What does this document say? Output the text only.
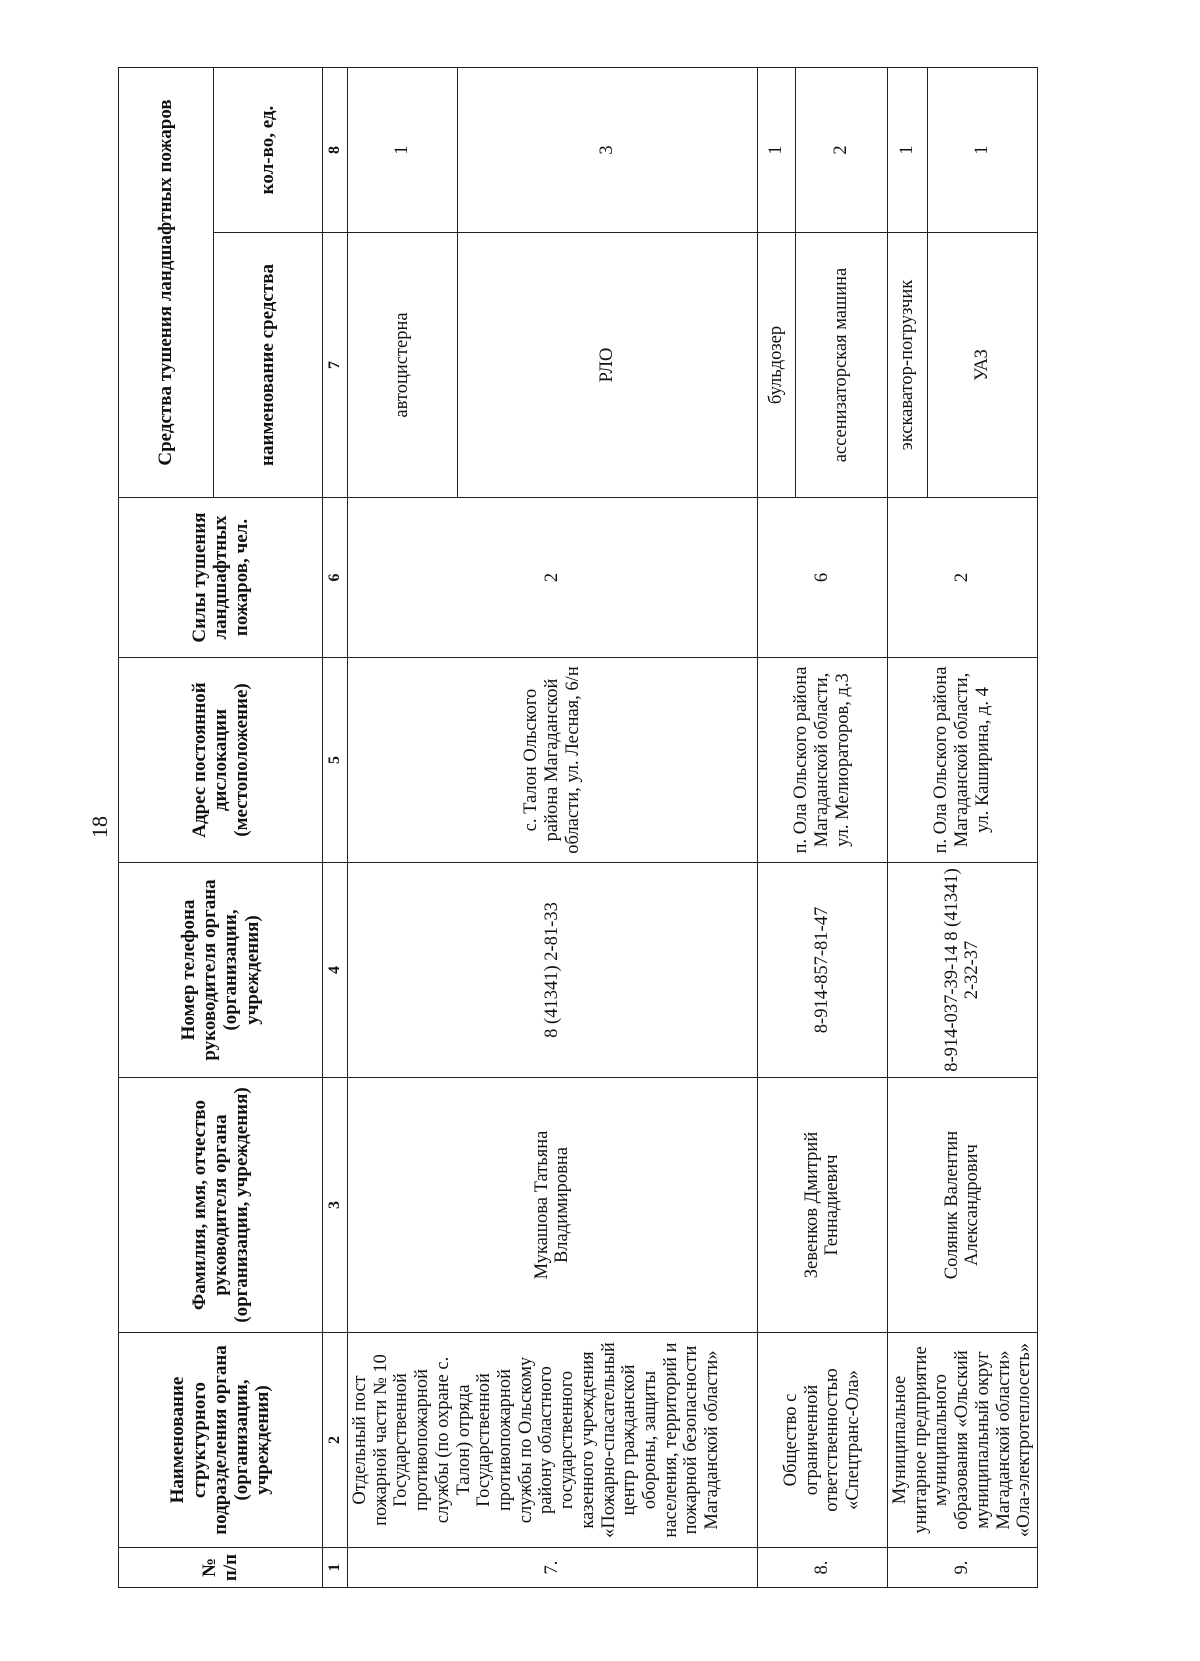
18
№ п/п	Наименование структурного подразделения органа (организации, учреждения)	Фамилия, имя, отчество руководителя органа (организации, учреждения)	Номер телефона руководителя органа (организации, учреждения)	Адрес постоянной дислокации (местоположение)	Силы тушения ландшафтных пожаров, чел.	Средства тушения ландшафтных пожаров	
						наименование средства	кол-во, ед.
1	2	3	4	5	6	7	8
7.	Отдельный пост пожарной части № 10 Государственной противопожарной службы (по охране с. Талон) отряда Государственной противопожарной службы по Ольскому району областного государственного казенного учреждения «Пожарно-спасательный центр гражданской обороны, защиты населения, территорий и пожарной безопасности Магаданской области»	Мукашова Татьяна Владимировна	8 (41341) 2-81-33	с. Талон Ольского района Магаданской области, ул. Лесная, 6/н	2	автоцистерна	1
						РЛО	3
8.	Общество с ограниченной ответственностью «Спецтранс-Ола»	Зевенков Дмитрий Геннадиевич	8-914-857-81-47	п. Ола Ольского района Магаданской области, ул. Мелиораторов, д.3	6	бульдозер	1
						ассенизаторская машина	2
9.	Муниципальное унитарное предприятие муниципального образования «Ольский муниципальный округ Магаданской области» «Ола-электротеплосеть»	Соляник Валентин Александрович	8-914-037-39-14 8 (41341) 2-32-37	п. Ола Ольского района Магаданской области, ул. Каширина, д. 4	2	экскаватор-погрузчик	1
						УАЗ	1
